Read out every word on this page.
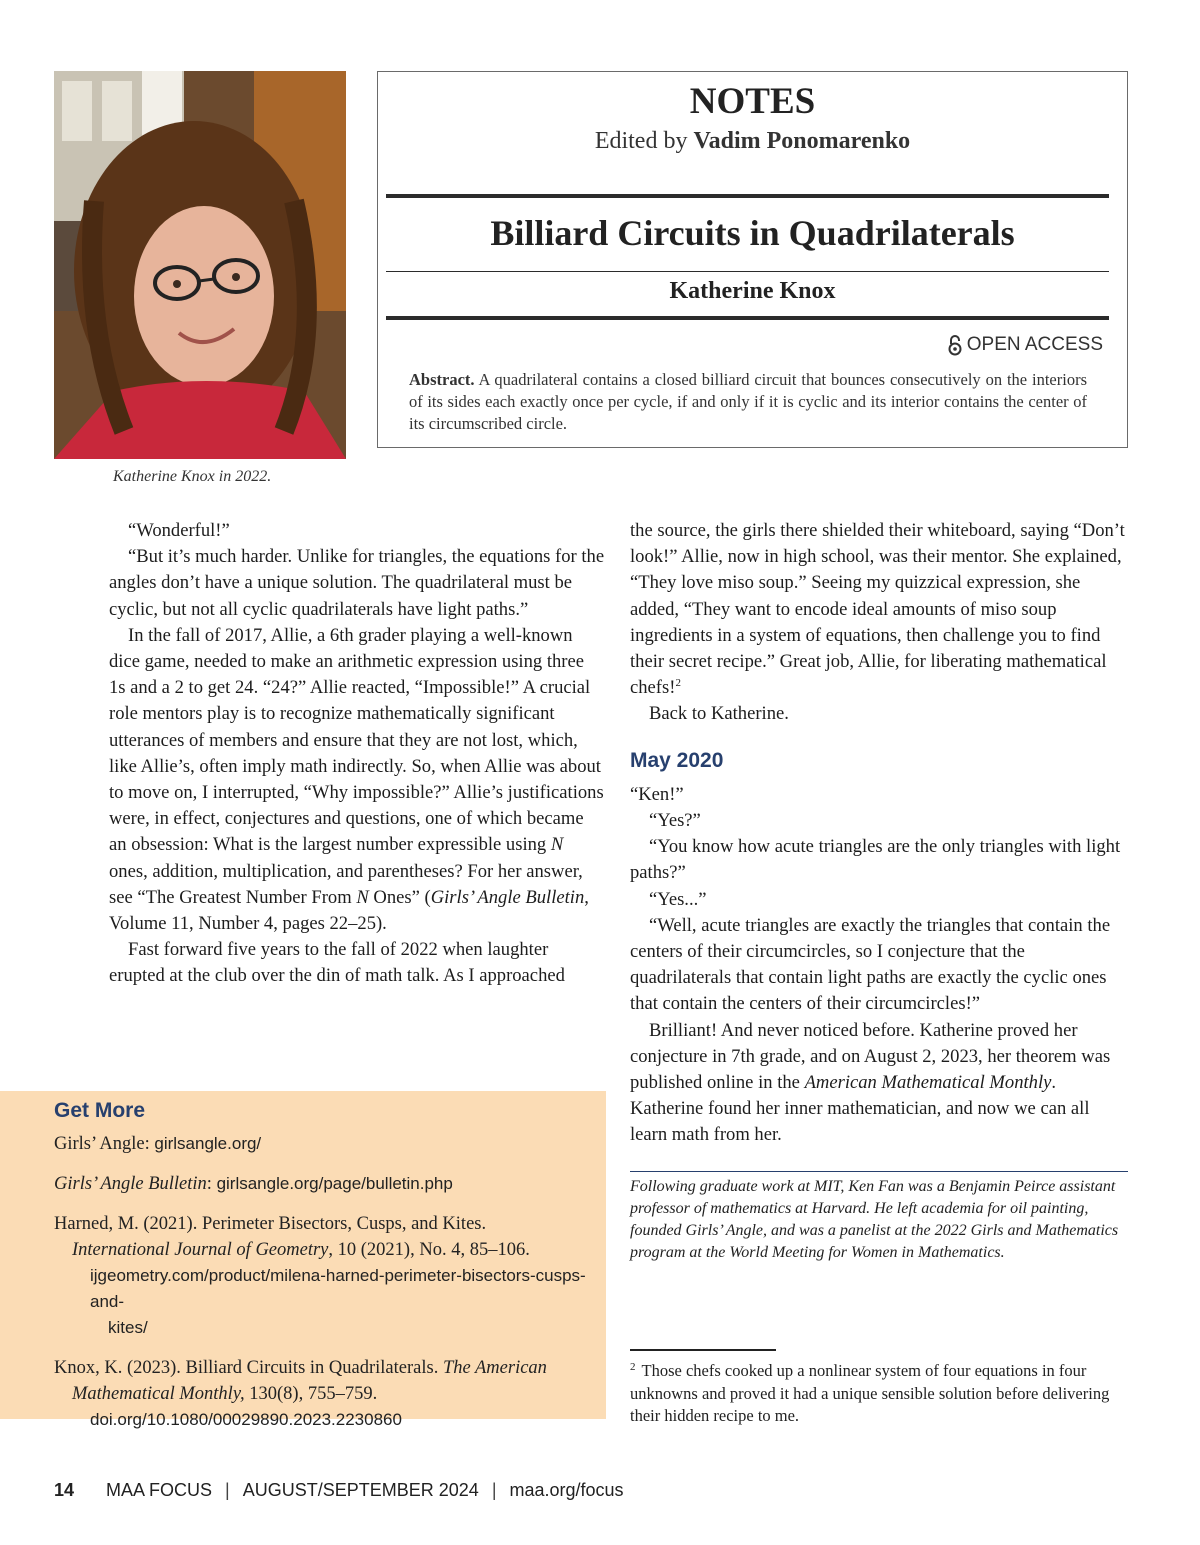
Katherine Knox in 2022.
NOTES
Edited by Vadim Ponomarenko
Billiard Circuits in Quadrilaterals
Katherine Knox
OPEN ACCESS
Abstract. A quadrilateral contains a closed billiard circuit that bounces consecutively on the interiors of its sides each exactly once per cycle, if and only if it is cyclic and its interior contains the center of its circumscribed circle.

“Wonderful!”

“But it’s much harder. Unlike for triangles, the equations for the angles don’t have a unique solution. The quadrilateral must be cyclic, but not all cyclic quadrilaterals have light paths.”

In the fall of 2017, Allie, a 6th grader playing a well-known dice game, needed to make an arithmetic expression using three 1s and a 2 to get 24. “24?” Allie reacted, “Impossible!” A crucial role mentors play is to recognize mathematically significant utterances of members and ensure that they are not lost, which, like Allie’s, often imply math indirectly. So, when Allie was about to move on, I interrupted, “Why impossible?” Allie’s justifications were, in effect, conjectures and questions, one of which became an obsession: What is the largest number expressible using N ones, addition, multiplication, and parentheses? For her answer, see “The Greatest Number From N Ones” (Girls’ Angle Bulletin, Volume 11, Number 4, pages 22–25).

Fast forward five years to the fall of 2022 when laughter erupted at the club over the din of math talk. As I approached

the source, the girls there shielded their whiteboard, saying “Don’t look!” Allie, now in high school, was their mentor. She explained, “They love miso soup.” Seeing my quizzical expression, she added, “They want to encode ideal amounts of miso soup ingredients in a system of equations, then challenge you to find their secret recipe.” Great job, Allie, for liberating mathematical chefs!$^2$

Back to Katherine.

May 2020

“Ken!”

“Yes?”

“You know how acute triangles are the only triangles with light paths?”

“Yes...”

“Well, acute triangles are exactly the triangles that contain the centers of their circumcircles, so I conjecture that the quadrilaterals that contain light paths are exactly the cyclic ones that contain the centers of their circumcircles!”

Brilliant! And never noticed before. Katherine proved her conjecture in 7th grade, and on August 2, 2023, her theorem was published online in the American Mathematical Monthly. Katherine found her inner mathematician, and now we can all learn math from her.

Get More

Girls’ Angle: girlsangle.org/

Girls’ Angle Bulletin: girlsangle.org/page/bulletin.php

Harned, M. (2021). Perimeter Bisectors, Cusps, and Kites. International Journal of Geometry, 10 (2021), No. 4, 85–106.
ijgeometry.com/product/milena-harned-perimeter-bisectors-cusps-and-
kites/

Knox, K. (2023). Billiard Circuits in Quadrilaterals. The American Mathematical Monthly, 130(8), 755–759.
doi.org/10.1080/00029890.2023.2230860

Following graduate work at MIT, Ken Fan was a Benjamin Peirce assistant professor of mathematics at Harvard. He left academia for oil painting, founded Girls’ Angle, and was a panelist at the 2022 Girls and Mathematics program at the World Meeting for Women in Mathematics.
$^2$ Those chefs cooked up a nonlinear system of four equations in four unknowns and proved it had a unique sensible solution before delivering their hidden recipe to me.
14 MAA FOCUS | AUGUST/SEPTEMBER 2024 | maa.org/focus
